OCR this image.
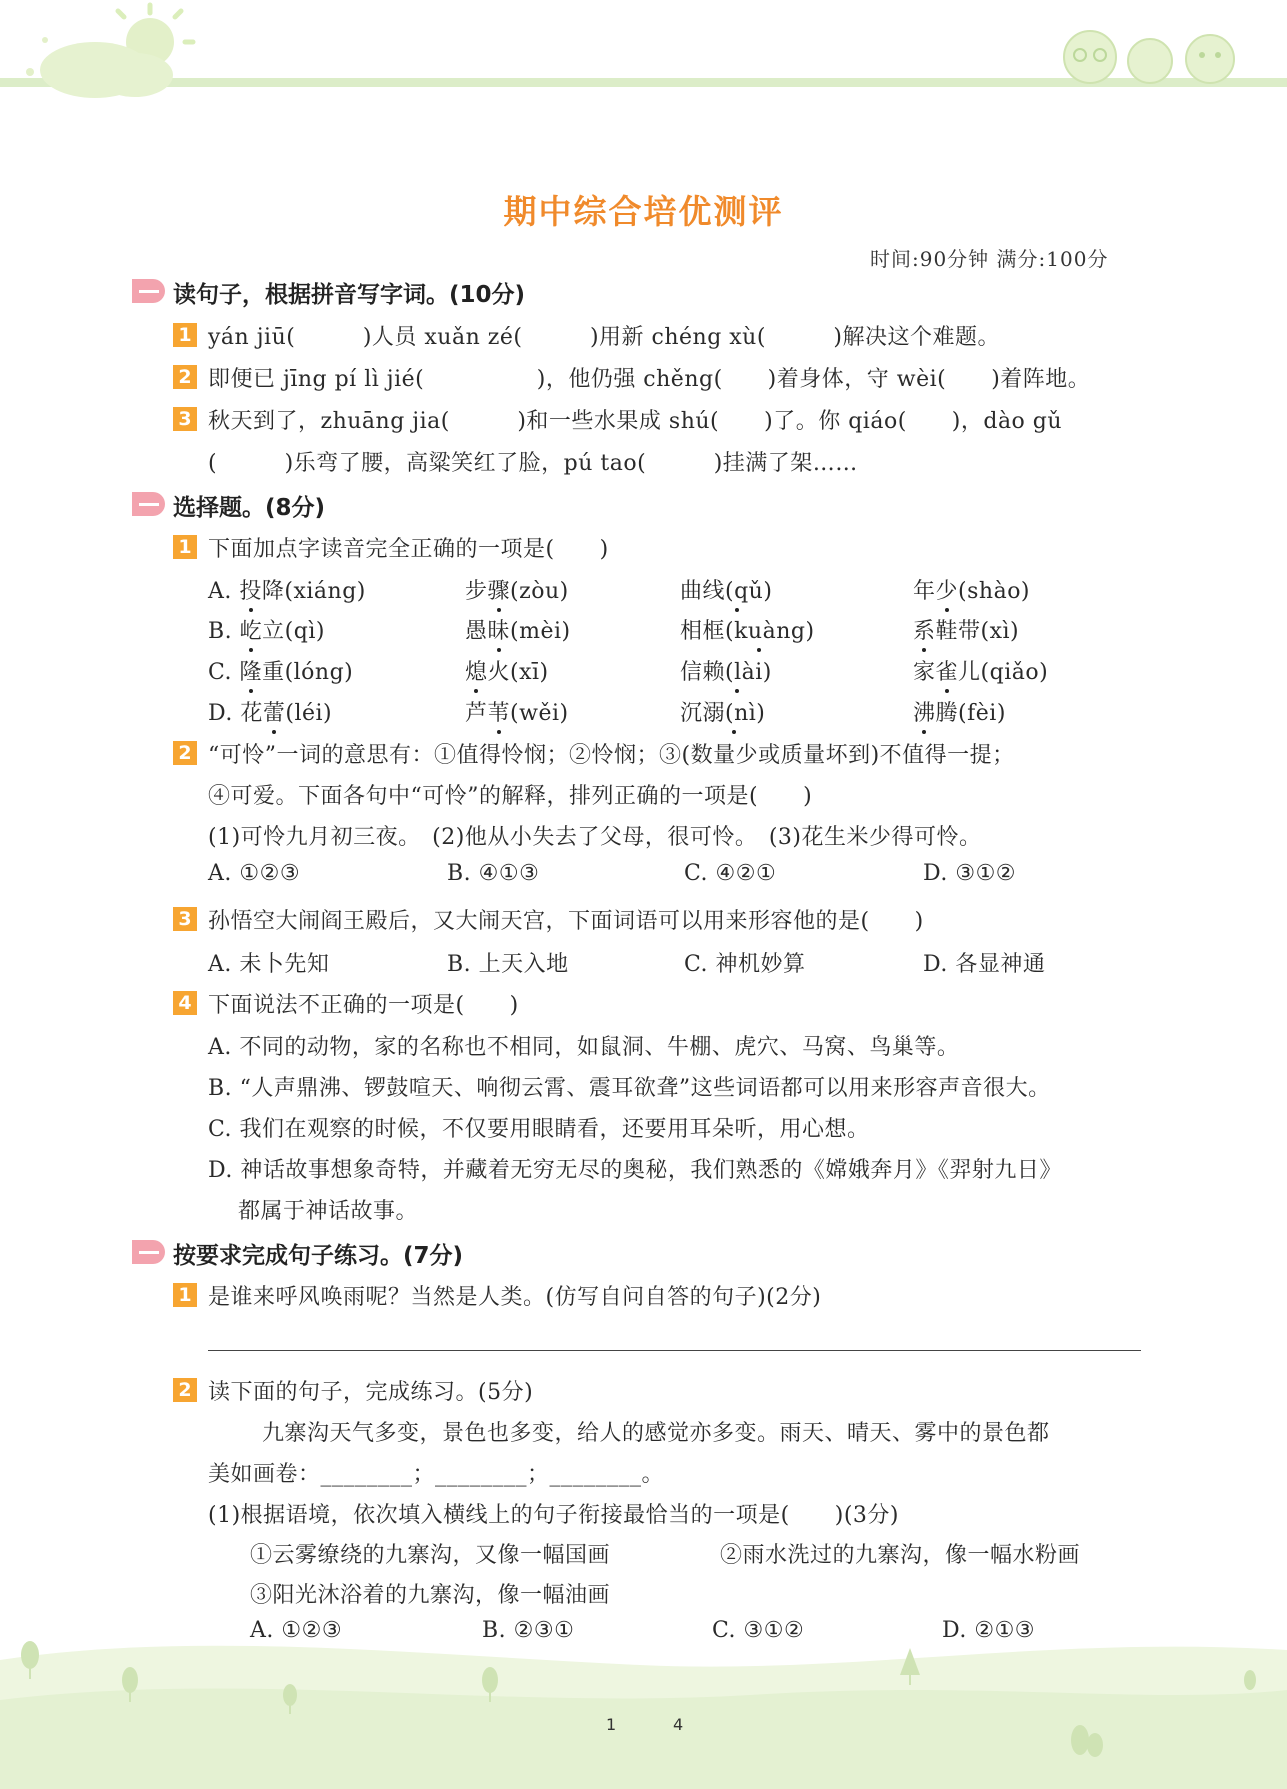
期中综合培优测评
时间:90分钟 满分:100分
读句子，根据拼音写字词。(10分)
1 yán jiū(　　　)人员 xuǎn zé(　　　)用新 chéng xù(　　　)解决这个难题。
2 即便已 jīng pí lì jié(　　　　　)，他仍强 chěng(　　)着身体，守 wèi(　　)着阵地。
3 秋天到了，zhuāng jia(　　　)和一些水果成 shú(　　)了。你 qiáo(　　)，dào gǔ
(　　　)乐弯了腰，高粱笑红了脸，pú tao(　　　)挂满了架……
选择题。(8分)
1 下面加点字读音完全正确的一项是(　　)
A. 投降(xiáng)	步骤(zòu)	曲线(qǔ)	年少(shào)
B. 屹立(qì)	愚昧(mèi)	相框(kuàng)	系鞋带(xì)
C. 隆重(lóng)	熄火(xī)	信赖(lài)	家雀儿(qiǎo)
D. 花蕾(léi)	芦苇(wěi)	沉溺(nì)	沸腾(fèi)
2 “可怜”一词的意思有：①值得怜悯；②怜悯；③(数量少或质量坏到)不值得一提；
④可爱。下面各句中“可怜”的解释，排列正确的一项是(　　)
(1)可怜九月初三夜。　(2)他从小失去了父母，很可怜。　(3)花生米少得可怜。
A. ①②③	B. ④①③	C. ④②①	D. ③①②
3 孙悟空大闹阎王殿后，又大闹天宫，下面词语可以用来形容他的是(　　)
A. 未卜先知	B. 上天入地	C. 神机妙算	D. 各显神通
4 下面说法不正确的一项是(　　)
A. 不同的动物，家的名称也不相同，如鼠洞、牛棚、虎穴、马窝、鸟巢等。
B. “人声鼎沸、锣鼓喧天、响彻云霄、震耳欲聋”这些词语都可以用来形容声音很大。
C. 我们在观察的时候，不仅要用眼睛看，还要用耳朵听，用心想。
D. 神话故事想象奇特，并藏着无穷无尽的奥秘，我们熟悉的《嫦娥奔月》《羿射九日》
都属于神话故事。
按要求完成句子练习。(7分)
1 是谁来呼风唤雨呢？当然是人类。(仿写自问自答的句子)(2分)
2 读下面的句子，完成练习。(5分)
九寨沟天气多变，景色也多变，给人的感觉亦多变。雨天、晴天、雾中的景色都
美如画卷：________；________；________。
(1)根据语境，依次填入横线上的句子衔接最恰当的一项是(　　)(3分)
①云雾缭绕的九寨沟，又像一幅国画	②雨水洗过的九寨沟，像一幅水粉画
③阳光沐浴着的九寨沟，像一幅油画
A. ①②③	B. ②③①	C. ③①②	D. ②①③
1	4
